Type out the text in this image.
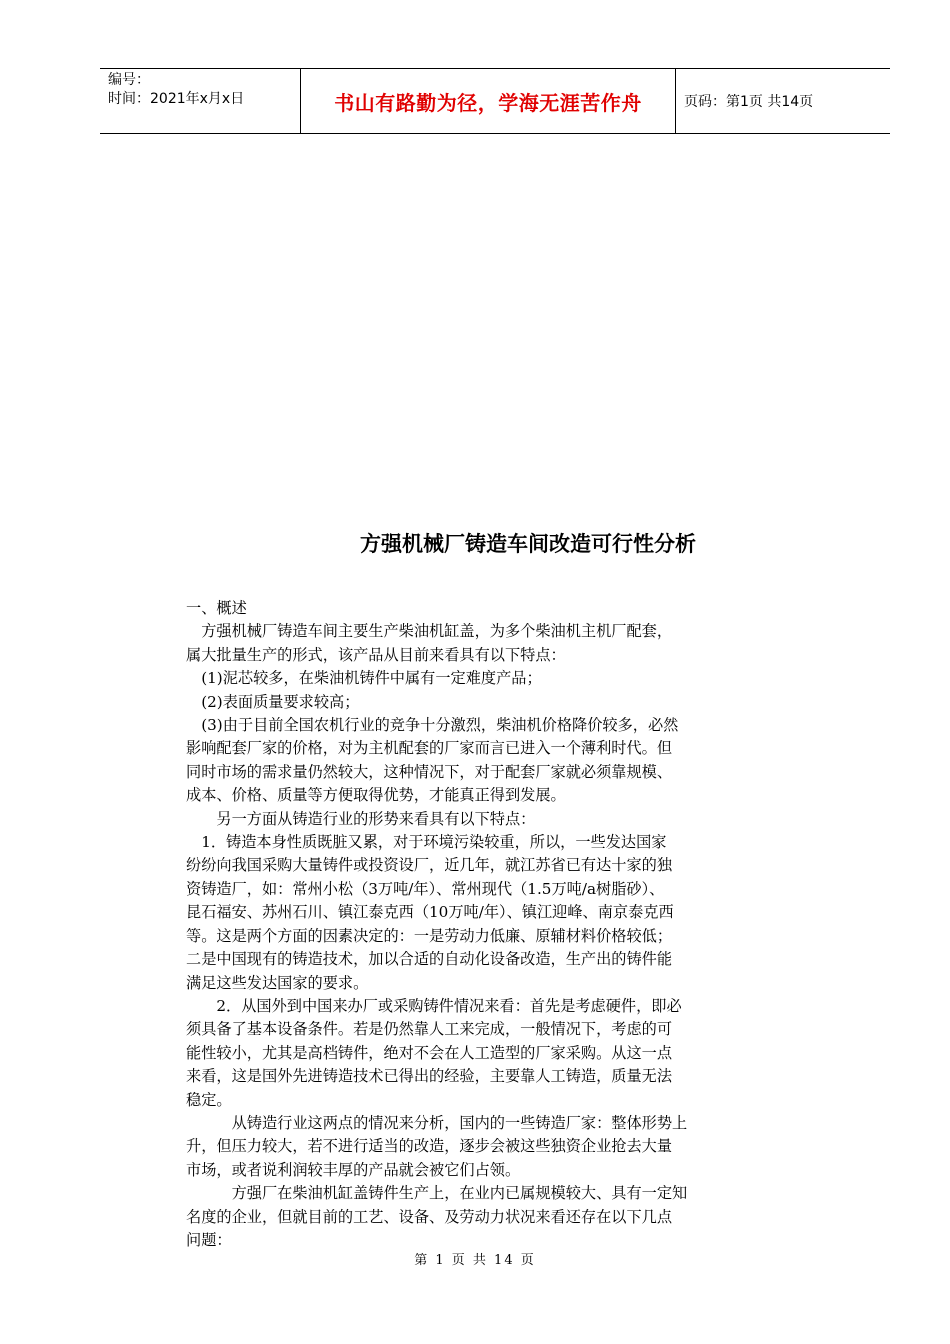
编号：
时间：2021年x月x日	书山有路勤为径，学海无涯苦作舟	页码：第1页 共14页
方强机械厂铸造车间改造可行性分析
一、概述
　方强机械厂铸造车间主要生产柴油机缸盖，为多个柴油机主机厂配套，
属大批量生产的形式，该产品从目前来看具有以下特点：
　(1)泥芯较多，在柴油机铸件中属有一定难度产品；
　(2)表面质量要求较高；
　(3)由于目前全国农机行业的竞争十分激烈，柴油机价格降价较多，必然
影响配套厂家的价格，对为主机配套的厂家而言已进入一个薄利时代。但
同时市场的需求量仍然较大，这种情况下，对于配套厂家就必须靠规模、
成本、价格、质量等方便取得优势，才能真正得到发展。
　　另一方面从铸造行业的形势来看具有以下特点：
　1．铸造本身性质既脏又累，对于环境污染较重，所以，一些发达国家
纷纷向我国采购大量铸件或投资设厂，近几年，就江苏省已有达十家的独
资铸造厂，如：常州小松（3万吨/年）、常州现代（1.5万吨/a树脂砂）、
昆石福安、苏州石川、镇江泰克西（10万吨/年）、镇江迎峰、南京泰克西
等。这是两个方面的因素决定的：一是劳动力低廉、原辅材料价格较低；
二是中国现有的铸造技术，加以合适的自动化设备改造，生产出的铸件能
满足这些发达国家的要求。
　　2．从国外到中国来办厂或采购铸件情况来看：首先是考虑硬件，即必
须具备了基本设备条件。若是仍然靠人工来完成，一般情况下，考虑的可
能性较小，尤其是高档铸件，绝对不会在人工造型的厂家采购。从这一点
来看，这是国外先进铸造技术已得出的经验，主要靠人工铸造，质量无法
稳定。
　　　从铸造行业这两点的情况来分析，国内的一些铸造厂家：整体形势上
升，但压力较大，若不进行适当的改造，逐步会被这些独资企业抢去大量
市场，或者说利润较丰厚的产品就会被它们占领。
　　　方强厂在柴油机缸盖铸件生产上，在业内已属规模较大、具有一定知
名度的企业，但就目前的工艺、设备、及劳动力状况来看还存在以下几点
问题：
第 1 页 共 14 页
